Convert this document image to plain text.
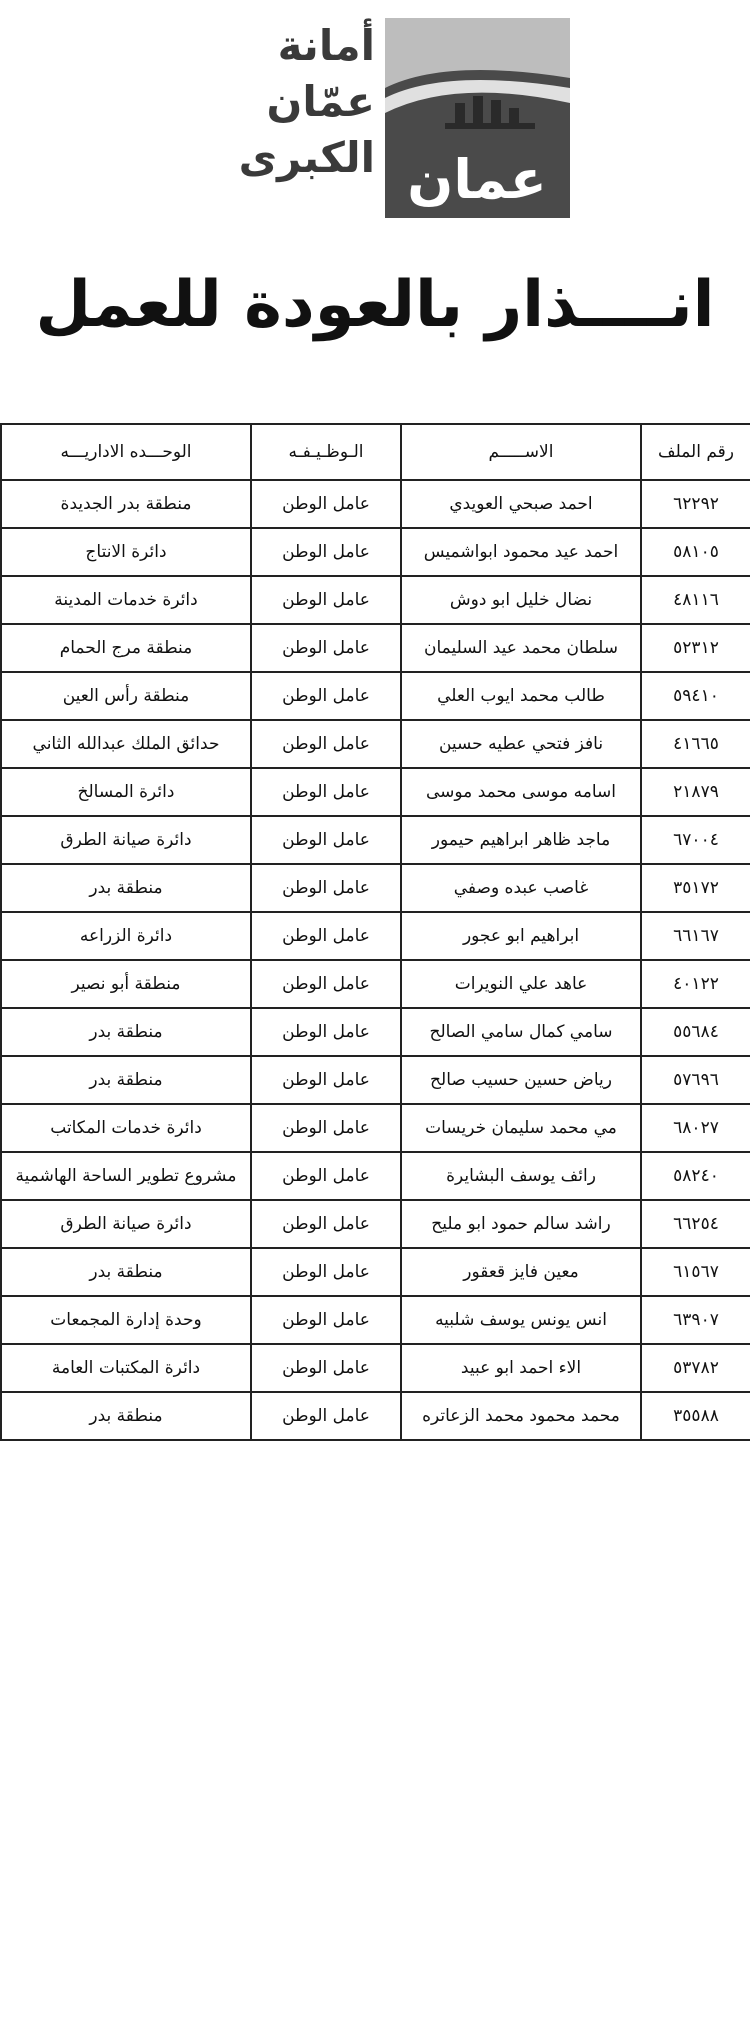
أمانة
عمّان
الكبرى عمان
انــــذار بالعودة للعمل
رقم الملف	الاســـــم	الـوظـيـفـه	الوحـــده الاداريـــه
٦٢٢٩٢	احمد صبحي العويدي	عامل الوطن	منطقة بدر الجديدة
٥٨١٠٥	احمد عيد محمود ابواشميس	عامل الوطن	دائرة الانتاج
٤٨١١٦	نضال خليل ابو دوش	عامل الوطن	دائرة خدمات المدينة
٥٢٣١٢	سلطان محمد عيد السليمان	عامل الوطن	منطقة مرج الحمام
٥٩٤١٠	طالب محمد ايوب العلي	عامل الوطن	منطقة رأس العين
٤١٦٦٥	نافز فتحي عطيه حسين	عامل الوطن	حدائق الملك عبدالله الثاني
٢١٨٧٩	اسامه موسى محمد موسى	عامل الوطن	دائرة المسالخ
٦٧٠٠٤	ماجد ظاهر ابراهيم حيمور	عامل الوطن	دائرة صيانة الطرق
٣٥١٧٢	غاصب عبده وصفي	عامل الوطن	منطقة بدر
٦٦١٦٧	ابراهيم ابو عجور	عامل الوطن	دائرة الزراعه
٤٠١٢٢	عاهد علي النويرات	عامل الوطن	منطقة أبو نصير
٥٥٦٨٤	سامي كمال سامي الصالح	عامل الوطن	منطقة بدر
٥٧٦٩٦	رياض حسين حسيب صالح	عامل الوطن	منطقة بدر
٦٨٠٢٧	مي محمد سليمان خريسات	عامل الوطن	دائرة خدمات المكاتب
٥٨٢٤٠	رائف يوسف البشايرة	عامل الوطن	مشروع تطوير الساحة الهاشمية
٦٦٢٥٤	راشد سالم حمود ابو مليح	عامل الوطن	دائرة صيانة الطرق
٦١٥٦٧	معين فايز قعقور	عامل الوطن	منطقة بدر
٦٣٩٠٧	انس يونس يوسف شلبيه	عامل الوطن	وحدة إدارة المجمعات
٥٣٧٨٢	الاء احمد ابو عبيد	عامل الوطن	دائرة المكتبات العامة
٣٥٥٨٨	محمد محمود محمد الزعاتره	عامل الوطن	منطقة بدر
